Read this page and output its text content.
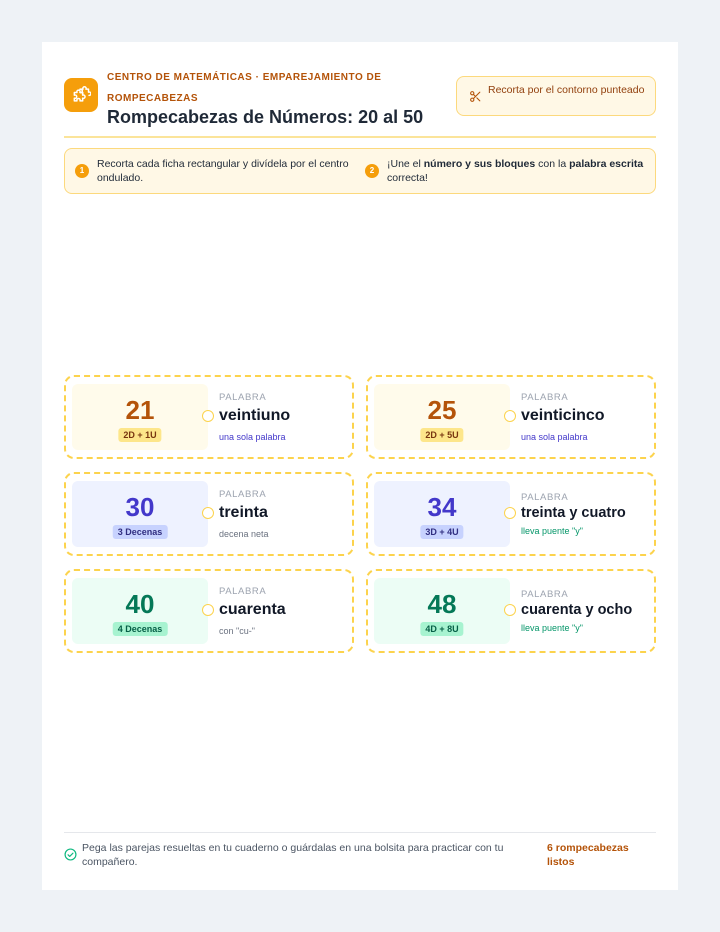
CENTRO DE MATEMÁTICAS · EMPAREJAMIENTO DE ROMPECABEZAS
Rompecabezas de Números: 20 al 50
Recorta por el contorno punteado
1
Recorta cada ficha rectangular y divídela por el centro ondulado.
2
¡Une el número y sus bloques con la palabra escrita correcta!
21
2D + 1U
PALABRA
veintiuno
una sola palabra
25
2D + 5U
PALABRA
veinticinco
una sola palabra
30
3 Decenas
PALABRA
treinta
decena neta
34
3D + 4U
PALABRA
treinta y cuatro
lleva puente "y"
40
4 Decenas
PALABRA
cuarenta
con "cu-"
48
4D + 8U
PALABRA
cuarenta y ocho
lleva puente "y"
Pega las parejas resueltas en tu cuaderno o guárdalas en una bolsita para practicar con tu compañero.
6 rompecabezas listos
